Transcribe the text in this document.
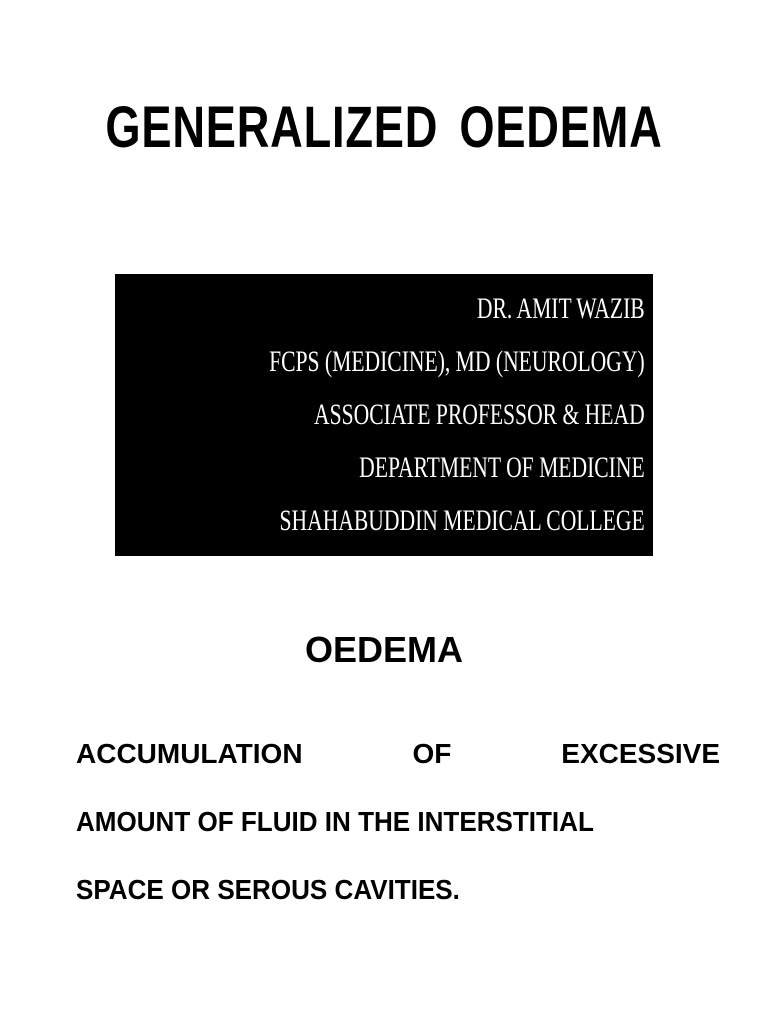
GENERALIZED OEDEMA
DR. AMIT WAZIB
FCPS (MEDICINE), MD (NEUROLOGY)
ASSOCIATE PROFESSOR & HEAD
DEPARTMENT OF MEDICINE
SHAHABUDDIN MEDICAL COLLEGE
OEDEMA
ACCUMULATION	OF	EXCESSIVE
AMOUNT OF FLUID IN THE INTERSTITIAL
SPACE OR SEROUS CAVITIES.
